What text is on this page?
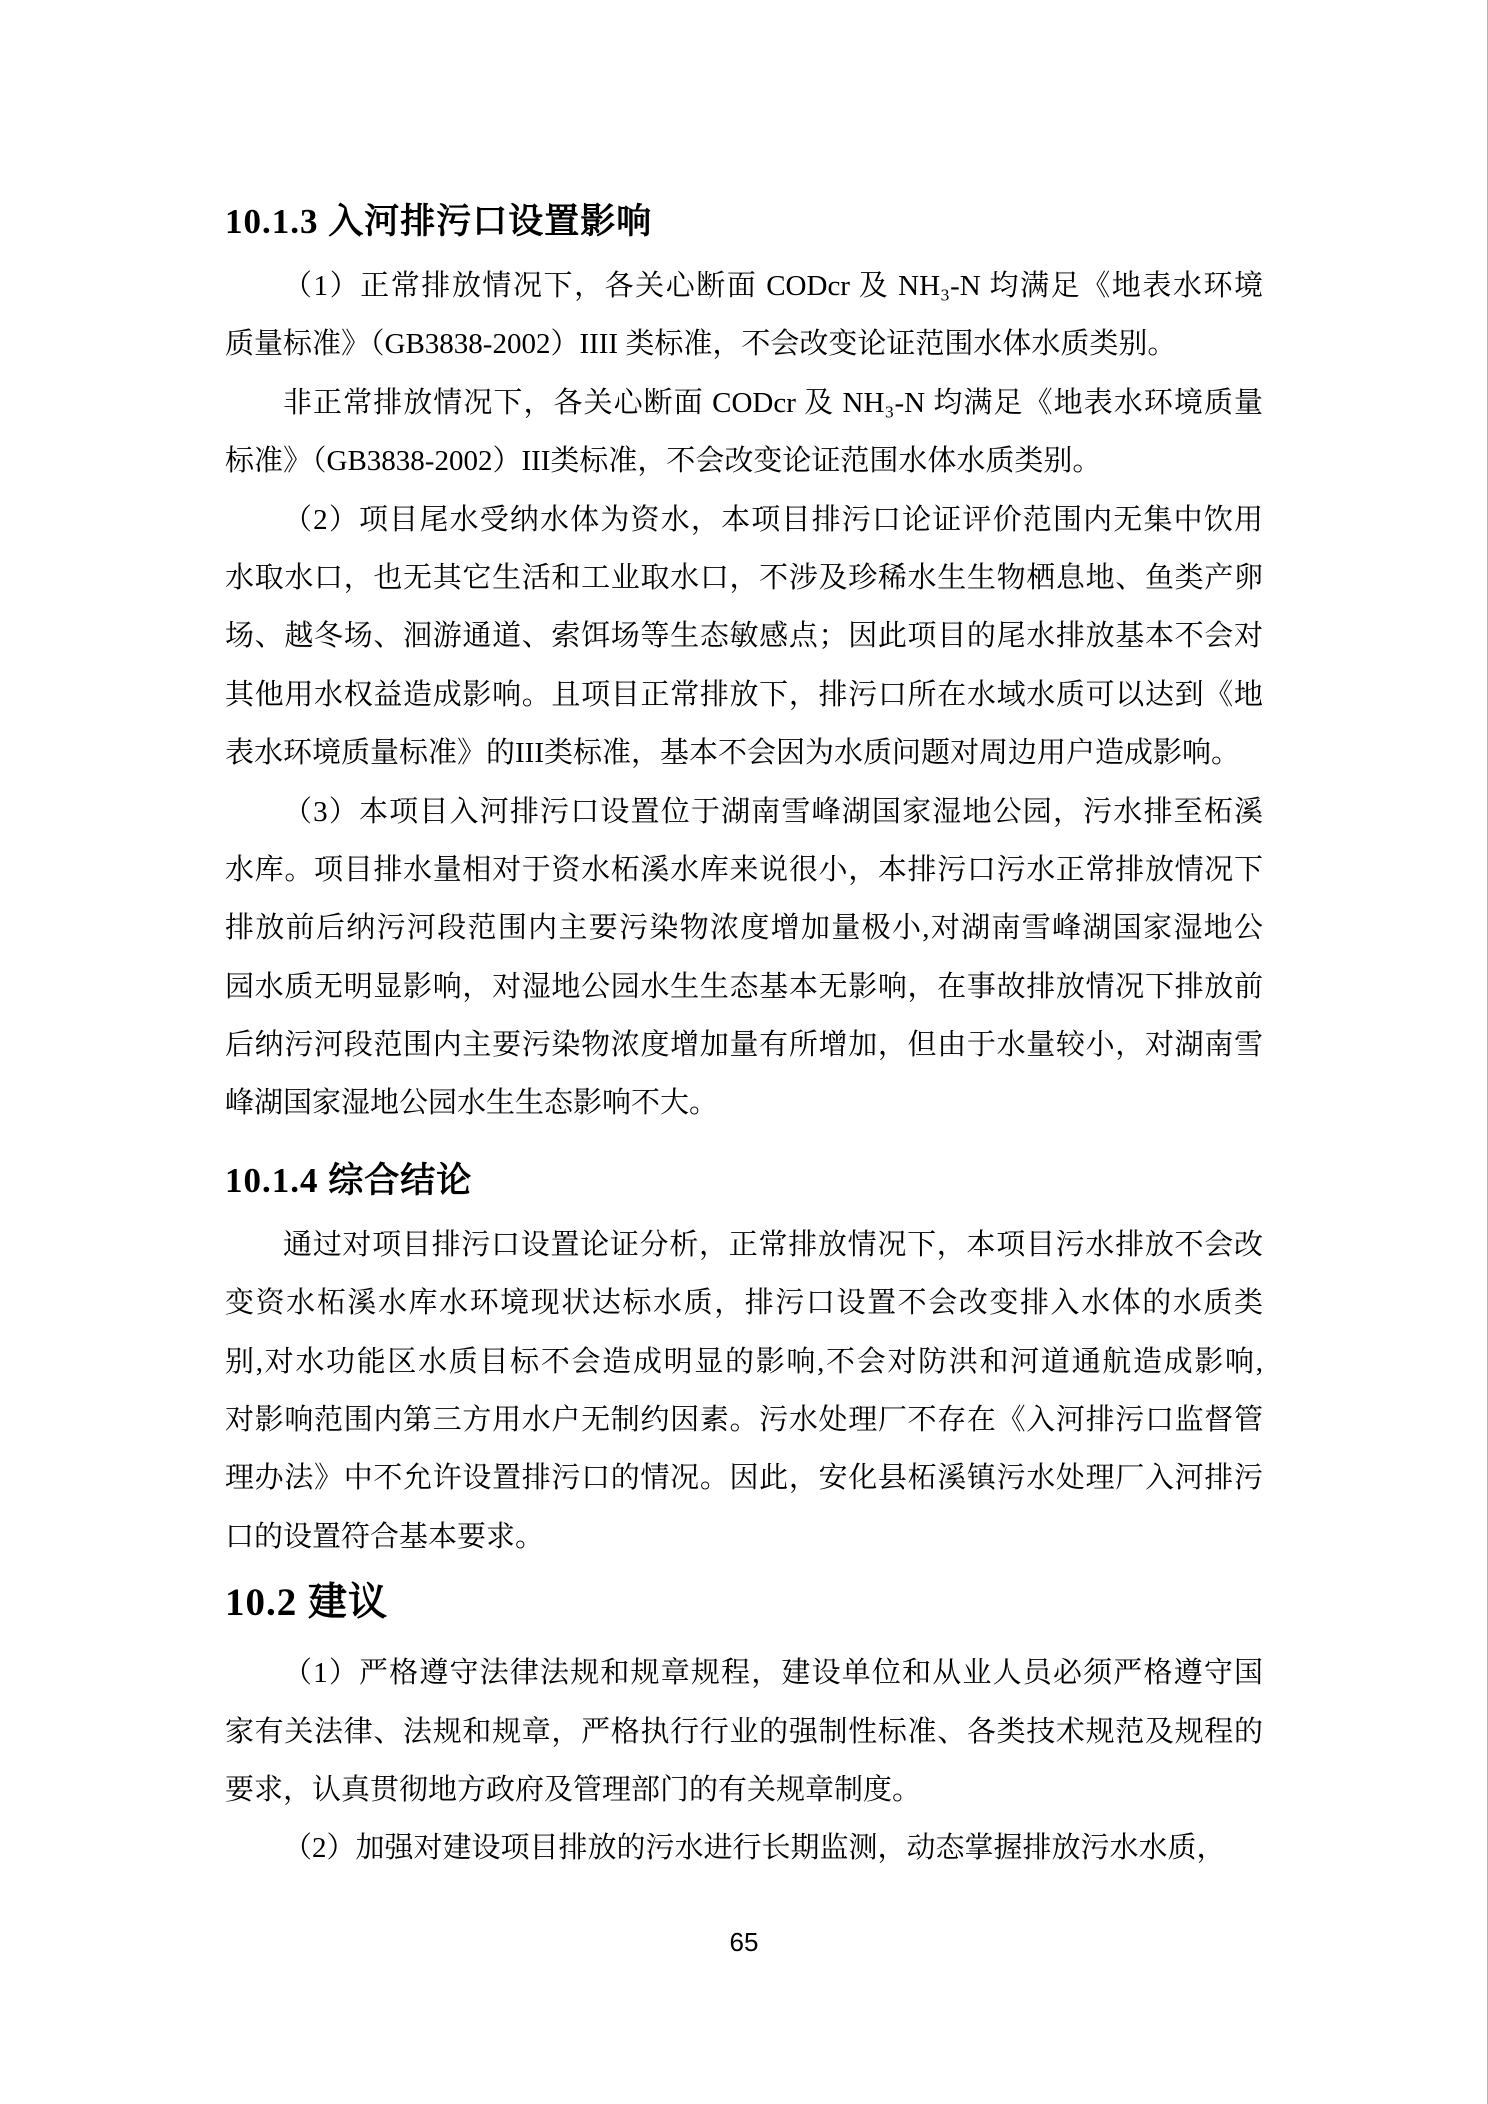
10.1.3 入河排污口设置影响
（1）正常排放情况下，各关心断面 CODcr 及 NH₃-N 均满足《地表水环境
质量标准》（GB3838-2002）IIII 类标准，不会改变论证范围水体水质类别。
非正常排放情况下，各关心断面 CODcr 及 NH₃-N 均满足《地表水环境质量
标准》（GB3838-2002）III类标准，不会改变论证范围水体水质类别。
（2）项目尾水受纳水体为资水，本项目排污口论证评价范围内无集中饮用
水取水口，也无其它生活和工业取水口，不涉及珍稀水生生物栖息地、鱼类产卵
场、越冬场、洄游通道、索饵场等生态敏感点；因此项目的尾水排放基本不会对
其他用水权益造成影响。且项目正常排放下，排污口所在水域水质可以达到《地
表水环境质量标准》的III类标准，基本不会因为水质问题对周边用户造成影响。
（3）本项目入河排污口设置位于湖南雪峰湖国家湿地公园，污水排至柘溪
水库。项目排水量相对于资水柘溪水库来说很小，本排污口污水正常排放情况下
排放前后纳污河段范围内主要污染物浓度增加量极小,对湖南雪峰湖国家湿地公
园水质无明显影响，对湿地公园水生生态基本无影响，在事故排放情况下排放前
后纳污河段范围内主要污染物浓度增加量有所增加，但由于水量较小，对湖南雪
峰湖国家湿地公园水生生态影响不大。
10.1.4 综合结论
通过对项目排污口设置论证分析，正常排放情况下，本项目污水排放不会改
变资水柘溪水库水环境现状达标水质，排污口设置不会改变排入水体的水质类
别,对水功能区水质目标不会造成明显的影响,不会对防洪和河道通航造成影响,
对影响范围内第三方用水户无制约因素。污水处理厂不存在《入河排污口监督管
理办法》中不允许设置排污口的情况。因此，安化县柘溪镇污水处理厂入河排污
口的设置符合基本要求。
10.2 建议
（1）严格遵守法律法规和规章规程，建设单位和从业人员必须严格遵守国
家有关法律、法规和规章，严格执行行业的强制性标准、各类技术规范及规程的
要求，认真贯彻地方政府及管理部门的有关规章制度。
（2）加强对建设项目排放的污水进行长期监测，动态掌握排放污水水质，
65
